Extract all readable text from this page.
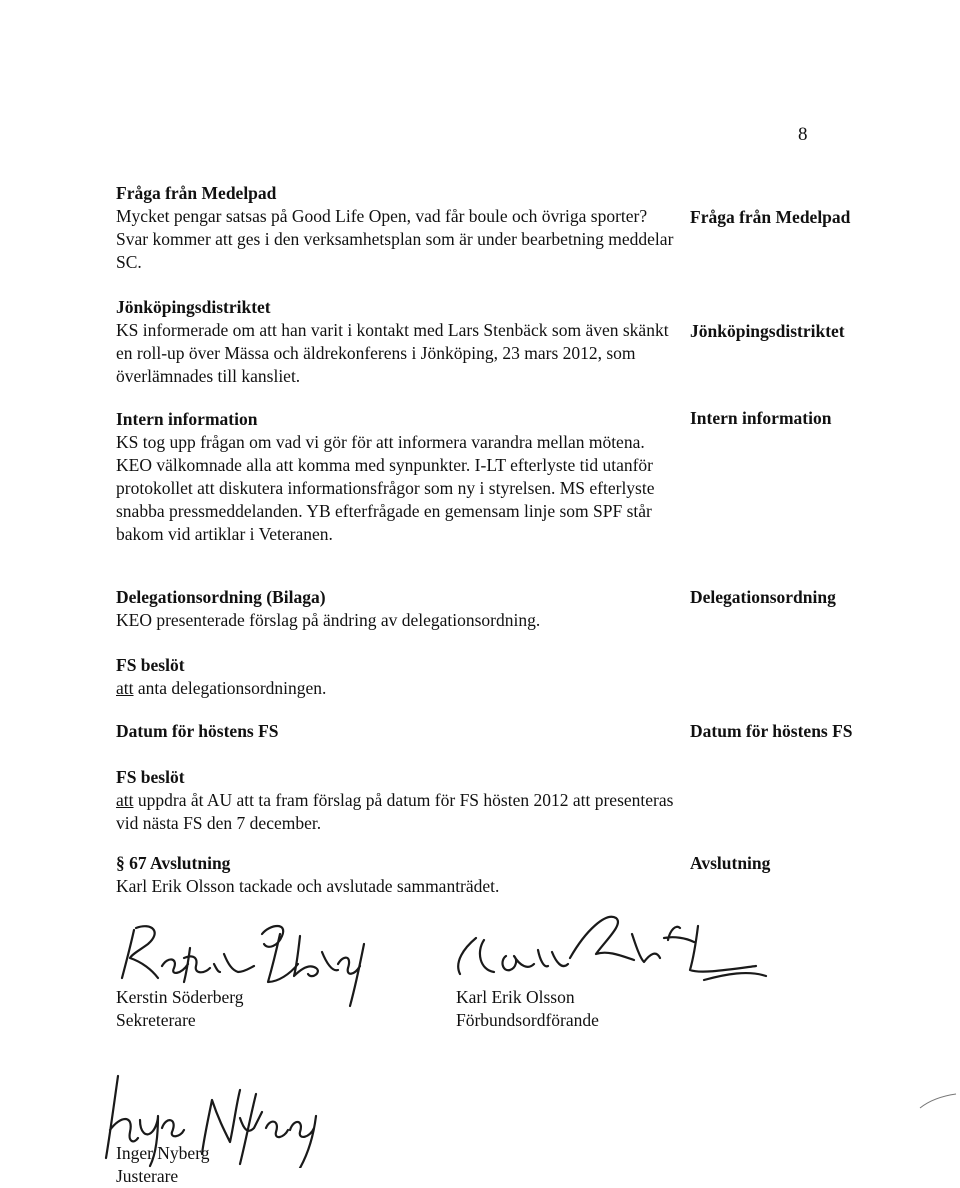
8
Fråga från Medelpad
Mycket pengar satsas på Good Life Open, vad får boule och övriga sporter? Svar kommer att ges i den verksamhetsplan som är under bearbetning meddelar SC.
Fråga från Medelpad
Jönköpingsdistriktet
KS informerade om att han varit i kontakt med Lars Stenbäck som även skänkt en roll-up över Mässa och äldrekonferens i Jönköping, 23 mars 2012, som överlämnades till kansliet.
Jönköpingsdistriktet
Intern information
KS tog upp frågan om vad vi gör för att informera varandra mellan mötena. KEO välkomnade alla att komma med synpunkter. I-LT efterlyste tid utanför protokollet att diskutera informationsfrågor som ny i styrelsen. MS efterlyste snabba pressmeddelanden. YB efterfrågade en gemensam linje som SPF står bakom vid artiklar i Veteranen.
Intern information
Delegationsordning (Bilaga)
KEO presenterade förslag på ändring av delegationsordning.
Delegationsordning
FS beslöt
att anta delegationsordningen.
Datum för höstens FS	Datum för höstens FS
FS beslöt
att uppdra åt AU att ta fram förslag på datum för FS hösten 2012 att presenteras vid nästa FS den 7 december.
§ 67 Avslutning
Karl Erik Olsson tackade och avslutade sammanträdet.
Avslutning
Kerstin Söderberg
Sekreterare
Karl Erik Olsson
Förbundsordförande
Inger Nyberg
Justerare
